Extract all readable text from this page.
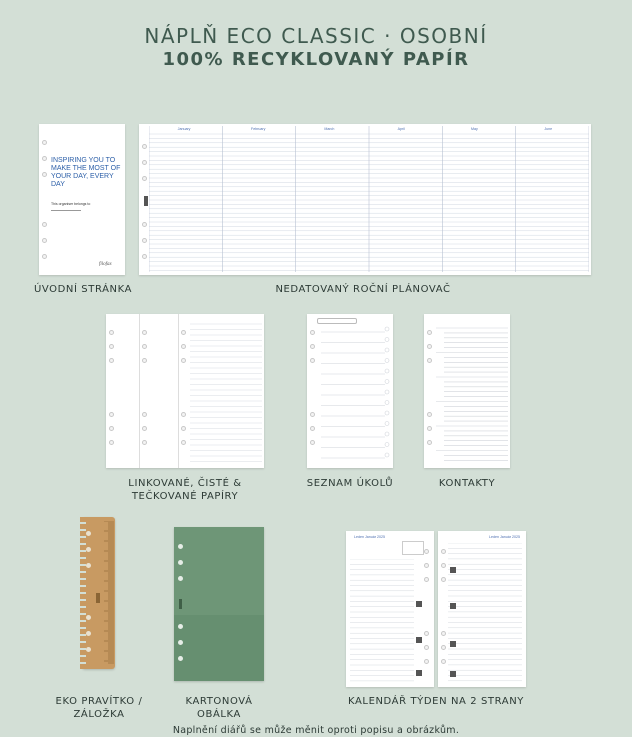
NÁPLŇ ECO CLASSIC · OSOBNÍ
100% RECYKLOVANÝ PAPÍR
INSPIRING YOU TO MAKE THE MOST OF YOUR DAY, EVERY DAY
This organiser belongs to
filofax
ÚVODNÍ STRÁNKA
January	February	March	April	May	June
NEDATOVANÝ ROČNÍ PLÁNOVAČ
LINKOVANÉ, ČISTÉ &
TEČKOVANÉ PAPÍRY
SEZNAM ÚKOLŮ	KONTAKTY
EKO PRAVÍTKO /
ZÁLOŽKA
KARTONOVÁ
OBÁLKA
Leden Január 2025	Leden Január 2025
KALENDÁŘ TÝDEN NA 2 STRANY
Naplnění diářů se může měnit oproti popisu a obrázkům.
